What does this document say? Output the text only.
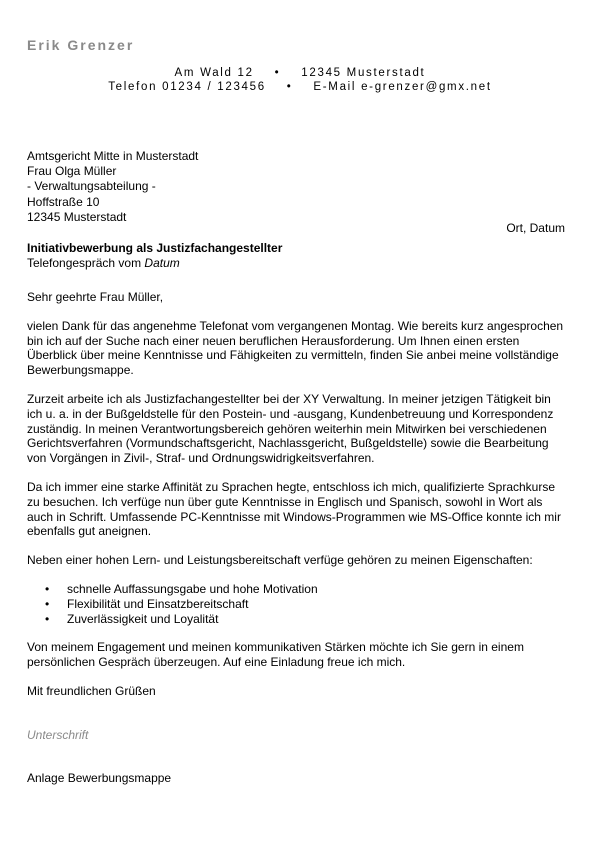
Erik Grenzer
Am Wald 12 • 12345 Musterstadt
Telefon 01234 / 123456 • E-Mail e-grenzer@gmx.net
Amtsgericht Mitte in Musterstadt
Frau Olga Müller
- Verwaltungsabteilung -
Hoffstraße 10
12345 Musterstadt
Ort, Datum
Initiativbewerbung als Justizfachangestellter
Telefongespräch vom Datum

Sehr geehrte Frau Müller,

vielen Dank für das angenehme Telefonat vom vergangenen Montag. Wie bereits kurz angesprochen bin ich auf der Suche nach einer neuen beruflichen Herausforderung. Um Ihnen einen ersten Überblick über meine Kenntnisse und Fähigkeiten zu vermitteln, finden Sie anbei meine vollständige Bewerbungsmappe.

Zurzeit arbeite ich als Justizfachangestellter bei der XY Verwaltung. In meiner jetzigen Tätigkeit bin ich u. a. in der Bußgeldstelle für den Postein- und -ausgang, Kundenbetreuung und Korrespondenz zuständig. In meinen Verantwortungsbereich gehören weiterhin mein Mitwirken bei verschiedenen Gerichtsverfahren (Vormundschaftsgericht, Nachlassgericht, Bußgeldstelle) sowie die Bearbeitung von Vorgängen in Zivil-, Straf- und Ordnungswidrigkeitsverfahren.

Da ich immer eine starke Affinität zu Sprachen hegte, entschloss ich mich, qualifizierte Sprachkurse zu besuchen. Ich verfüge nun über gute Kenntnisse in Englisch und Spanisch, sowohl in Wort als auch in Schrift. Umfassende PC-Kenntnisse mit Windows-Programmen wie MS-Office konnte ich mir ebenfalls gut aneignen.

Neben einer hohen Lern- und Leistungsbereitschaft verfüge gehören zu meinen Eigenschaften:

• schnelle Auffassungsgabe und hohe Motivation
• Flexibilität und Einsatzbereitschaft
• Zuverlässigkeit und Loyalität

Von meinem Engagement und meinen kommunikativen Stärken möchte ich Sie gern in einem persönlichen Gespräch überzeugen. Auf eine Einladung freue ich mich.

Mit freundlichen Grüßen
Unterschrift
Anlage Bewerbungsmappe
